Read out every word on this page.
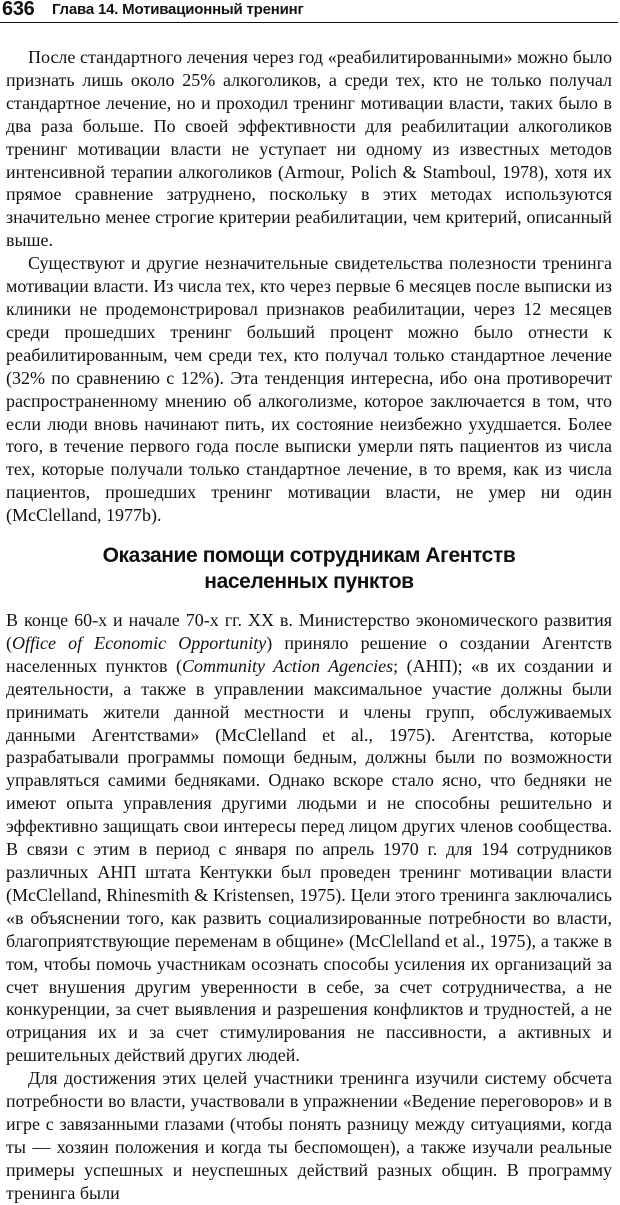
636 Глава 14. Мотивационный тренинг

После стандартного лечения через год «реабилитированными» можно было признать лишь около 25% алкоголиков, а среди тех, кто не только получал стандартное лечение, но и проходил тренинг мотивации власти, таких было в два раза больше. По своей эффективности для реабилитации алкоголиков тренинг мотивации власти не уступает ни одному из известных методов интенсивной терапии алкоголиков (Armour, Polich & Stamboul, 1978), хотя их прямое сравнение затруднено, поскольку в этих методах используются значительно менее строгие критерии реабилитации, чем критерий, описанный выше.

Существуют и другие незначительные свидетельства полезности тренинга мотивации власти. Из числа тех, кто через первые 6 месяцев после выписки из клиники не продемонстрировал признаков реабилитации, через 12 месяцев среди прошедших тренинг больший процент можно было отнести к реабилитированным, чем среди тех, кто получал только стандартное лечение (32% по сравнению с 12%). Эта тенденция интересна, ибо она противоречит распространенному мнению об алкоголизме, которое заключается в том, что если люди вновь начинают пить, их состояние неизбежно ухудшается. Более того, в течение первого года после выписки умерли пять пациентов из числа тех, которые получали только стандартное лечение, в то время, как из числа пациентов, прошедших тренинг мотивации власти, не умер ни один (McClelland, 1977b).

Оказание помощи сотрудникам Агентств
населенных пунктов

В конце 60-х и начале 70-х гг. XX в. Министерство экономического развития (Office of Economic Opportunity) приняло решение о создании Агентств населенных пунктов (Community Action Agencies; (АНП); «в их создании и деятельности, а также в управлении максимальное участие должны были принимать жители данной местности и члены групп, обслуживаемых данными Агентствами» (McClelland et al., 1975). Агентства, которые разрабатывали программы помощи бедным, должны были по возможности управляться самими бедняками. Однако вскоре стало ясно, что бедняки не имеют опыта управления другими людьми и не способны решительно и эффективно защищать свои интересы перед лицом других членов сообщества. В связи с этим в период с января по апрель 1970 г. для 194 сотрудников различных АНП штата Кентукки был проведен тренинг мотивации власти (McClelland, Rhinesmith & Kristensen, 1975). Цели этого тренинга заключались «в объяснении того, как развить социализированные потребности во власти, благоприятствующие переменам в общине» (McClelland et al., 1975), а также в том, чтобы помочь участникам осознать способы усиления их организаций за счет внушения другим уверенности в себе, за счет сотрудничества, а не конкуренции, за счет выявления и разрешения конфликтов и трудностей, а не отрицания их и за счет стимулирования не пассивности, а активных и решительных действий других людей.

Для достижения этих целей участники тренинга изучили систему обсчета потребности во власти, участвовали в упражнении «Ведение переговоров» и в игре с завязанными глазами (чтобы понять разницу между ситуациями, когда ты — хозяин положения и когда ты беспомощен), а также изучали реальные примеры успешных и неуспешных действий разных общин. В программу тренинга были
